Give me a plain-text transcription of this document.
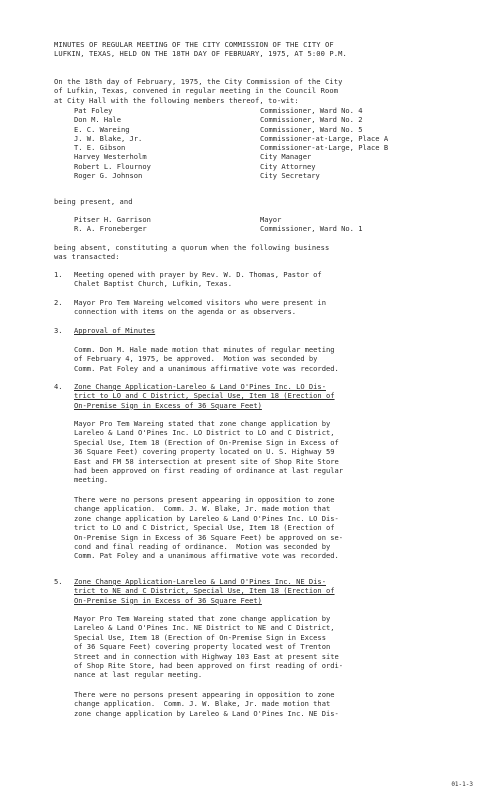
MINUTES OF REGULAR MEETING OF THE CITY COMMISSION OF THE CITY OF
LUFKIN, TEXAS, HELD ON THE 18TH DAY OF FEBRUARY, 1975, AT 5:00 P.M.
On the 18th day of February, 1975, the City Commission of the City
of Lufkin, Texas, convened in regular meeting in the Council Room
at City Hall with the following members thereof, to-wit:
Pat Foley	Commissioner, Ward No. 4
Don M. Hale	Commissioner, Ward No. 2
E. C. Wareing	Commissioner, Ward No. 5
J. W. Blake, Jr.	Commissioner-at-Large, Place A
T. E. Gibson	Commissioner-at-Large, Place B
Harvey Westerholm	City Manager
Robert L. Flournoy	City Attorney
Roger G. Johnson	City Secretary
being present, and
Pitser H. Garrison	Mayor
R. A. Froneberger	Commissioner, Ward No. 1
being absent, constituting a quorum when the following business
was transacted:
1. Meeting opened with prayer by Rev. W. D. Thomas, Pastor of
Chalet Baptist Church, Lufkin, Texas.
2. Mayor Pro Tem Wareing welcomed visitors who were present in
connection with items on the agenda or as observers.
3. Approval of Minutes
Comm. Don M. Hale made motion that minutes of regular meeting
of February 4, 1975, be approved.  Motion was seconded by
Comm. Pat Foley and a unanimous affirmative vote was recorded.
4. Zone Change Application-Lareleo & Land O'Pines Inc. LO Dis-
trict to LO and C District, Special Use, Item 18 (Erection of
On-Premise Sign in Excess of 36 Square Feet)
Mayor Pro Tem Wareing stated that zone change application by
Lareleo & Land O'Pines Inc. LO District to LO and C District,
Special Use, Item 18 (Erection of On-Premise Sign in Excess of
36 Square Feet) covering property located on U. S. Highway 59
East and FM 58 intersection at present site of Shop Rite Store
had been approved on first reading of ordinance at last regular
meeting.
There were no persons present appearing in opposition to zone
change application.  Comm. J. W. Blake, Jr. made motion that
zone change application by Lareleo & Land O'Pines Inc. LO Dis-
trict to LO and C District, Special Use, Item 18 (Erection of
On-Premise Sign in Excess of 36 Square Feet) be approved on se-
cond and final reading of ordinance.  Motion was seconded by
Comm. Pat Foley and a unanimous affirmative vote was recorded.
5. Zone Change Application-Lareleo & Land O'Pines Inc. NE Dis-
trict to NE and C District, Special Use, Item 18 (Erection of
On-Premise Sign in Excess of 36 Square Feet)
Mayor Pro Tem Wareing stated that zone change application by
Lareleo & Land O'Pines Inc. NE District to NE and C District,
Special Use, Item 18 (Erection of On-Premise Sign in Excess
of 36 Square Feet) covering property located west of Trenton
Street and in connection with Highway 103 East at present site
of Shop Rite Store, had been approved on first reading of ordi-
nance at last regular meeting.
There were no persons present appearing in opposition to zone
change application.  Comm. J. W. Blake, Jr. made motion that
zone change application by Lareleo & Land O'Pines Inc. NE Dis-
01-1-3
